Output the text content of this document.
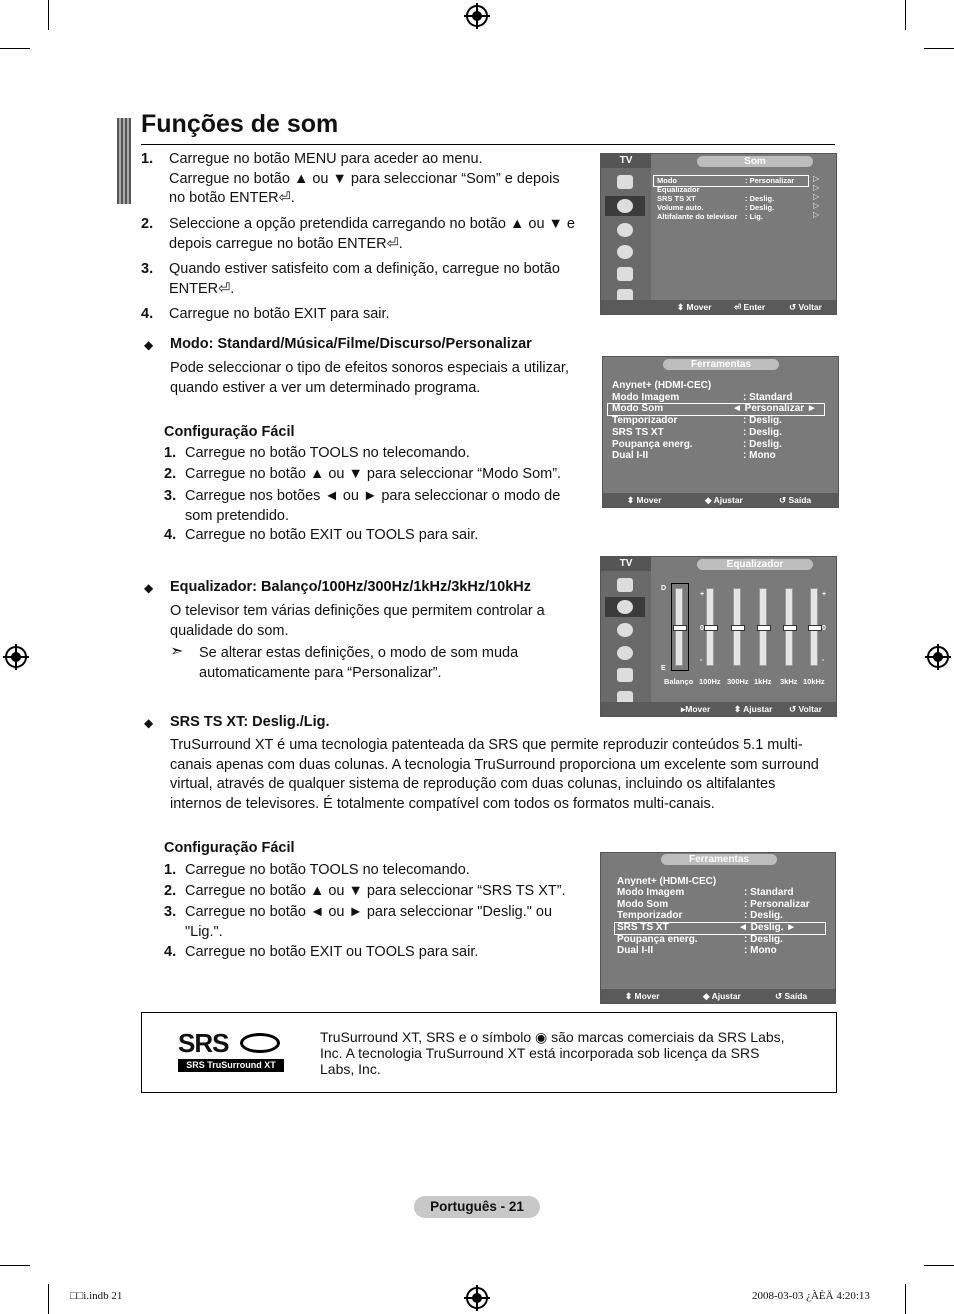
Funções de som
1. Carregue no botão MENU para aceder ao menu.
Carregue no botão ▲ ou ▼ para seleccionar “Som” e depois
no botão ENTER⏎.
2. Seleccione a opção pretendida carregando no botão ▲ ou ▼ e
depois carregue no botão ENTER⏎.
3. Quando estiver satisfeito com a definição, carregue no botão
ENTER⏎.
4. Carregue no botão EXIT para sair.
◆ Modo: Standard/Música/Filme/Discurso/Personalizar
Pode seleccionar o tipo de efeitos sonoros especiais a utilizar,
quando estiver a ver um determinado programa.
Configuração Fácil
1. Carregue no botão TOOLS no telecomando.
2. Carregue no botão ▲ ou ▼ para seleccionar “Modo Som”.
3. Carregue nos botões ◄ ou ► para seleccionar o modo de
som pretendido.
4. Carregue no botão EXIT ou TOOLS para sair.
◆ Equalizador: Balanço/100Hz/300Hz/1kHz/3kHz/10kHz
O televisor tem várias definições que permitem controlar a
qualidade do som.
➣ Se alterar estas definições, o modo de som muda
automaticamente para “Personalizar”.
◆ SRS TS XT: Deslig./Lig.
TruSurround XT é uma tecnologia patenteada da SRS que permite reproduzir conteúdos 5.1 multi-
canais apenas com duas colunas. A tecnologia TruSurround proporciona um excelente som surround
virtual, através de qualquer sistema de reprodução com duas colunas, incluindo os altifalantes
internos de televisores. É totalmente compatível com todos os formatos multi-canais.
Configuração Fácil
1. Carregue no botão TOOLS no telecomando.
2. Carregue no botão ▲ ou ▼ para seleccionar “SRS TS XT”.
3. Carregue no botão ◄ ou ► para seleccionar "Deslig." ou
"Lig.".
4. Carregue no botão EXIT ou TOOLS para sair.
TV	Som
Modo	: Personalizar
Equalizador
SRS TS XT	: Deslig.
Volume auto.	: Deslig.
Altifalante do televisor : Lig.
▷
▷
▷
▷
▷
⬍ Mover	⏎ Enter	↺ Voltar
Ferramentas
Anynet+ (HDMI-CEC)
Modo Imagem	: Standard
Modo Som	◄ Personalizar ►
Temporizador	: Deslig.
SRS TS XT	: Deslig.
Poupança energ.	: Deslig.
Dual I-II	: Mono
⬍ Mover	◆ Ajustar	↺ Saída
TV	Equalizador
D
E
+
0
-
+
0
-
Balanço 100Hz 300Hz 1kHz 3kHz 10kHz
▸Mover	⬍ Ajustar ↺ Voltar
Ferramentas
Anynet+ (HDMI-CEC)
Modo Imagem	: Standard
Modo Som	: Personalizar
Temporizador	: Deslig.
SRS TS XT	◄ Deslig. ►
Poupança energ.	: Deslig.
Dual I-II	: Mono
⬍ Mover	◆ Ajustar	↺ Saída
SRS
SRS TruSurround XT
TruSurround XT, SRS e o símbolo ◉ são marcas comerciais da SRS Labs,
Inc. A tecnologia TruSurround XT está incorporada sob licença da SRS
Labs, Inc.
Português - 21
□□i.indb 21	2008-03-03 ¿ÀÈÄ 4:20:13
